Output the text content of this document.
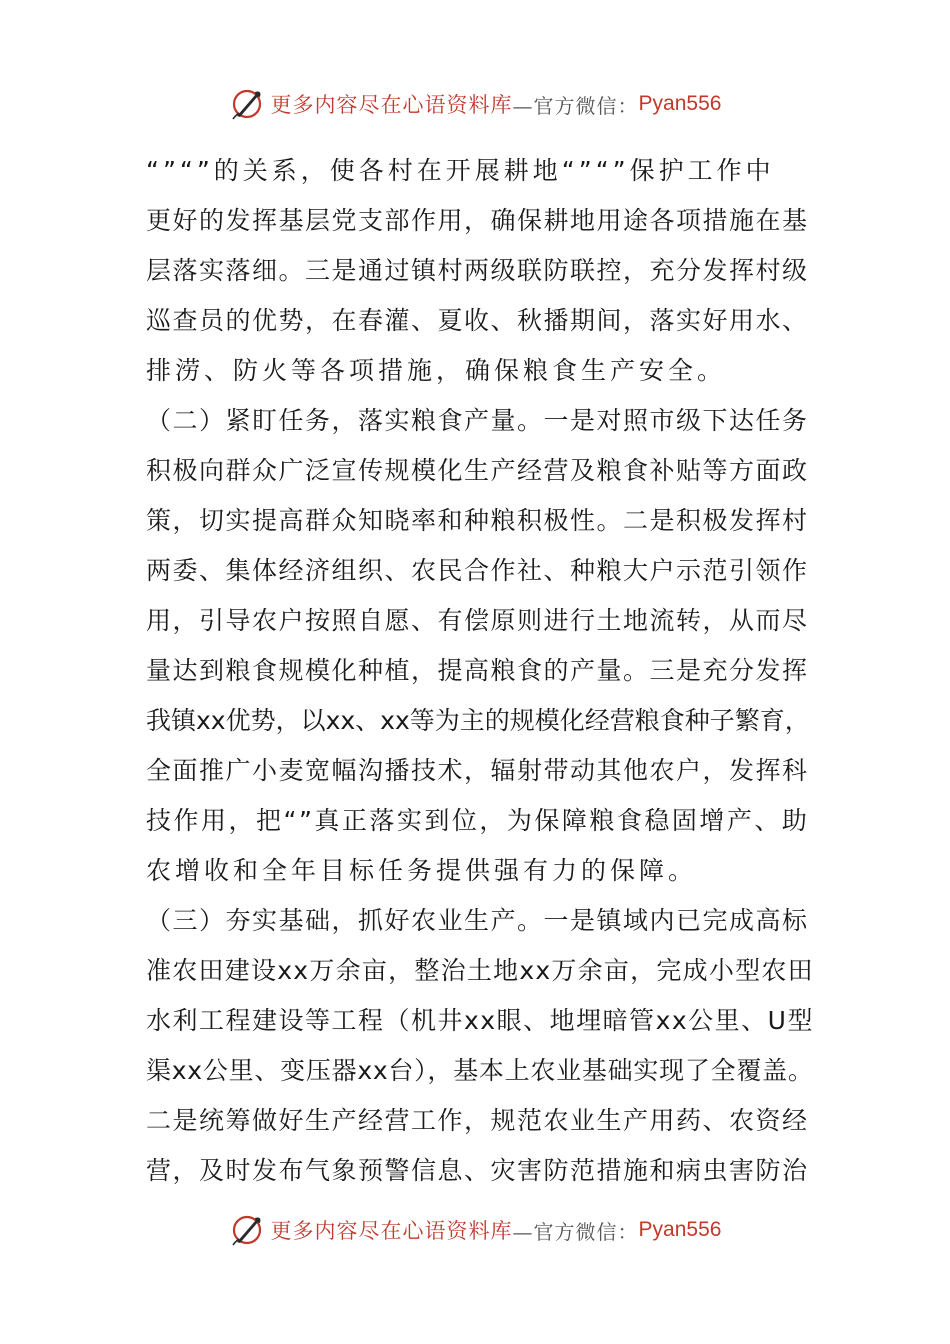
更多内容尽在心语资料库 —官方微信： Pyan556
“”“”的关系，使各村在开展耕地“”“”保护工作中
更好的发挥基层党支部作用，确保耕地用途各项措施在基
层落实落细。三是通过镇村两级联防联控，充分发挥村级
巡查员的优势，在春灌、夏收、秋播期间，落实好用水、
排涝、防火等各项措施，确保粮食生产安全。
（二）紧盯任务，落实粮食产量。一是对照市级下达任务
积极向群众广泛宣传规模化生产经营及粮食补贴等方面政
策，切实提高群众知晓率和种粮积极性。二是积极发挥村
两委、集体经济组织、农民合作社、种粮大户示范引领作
用，引导农户按照自愿、有偿原则进行土地流转，从而尽
量达到粮食规模化种植，提高粮食的产量。三是充分发挥
我镇xx优势，以xx、xx等为主的规模化经营粮食种子繁育，
全面推广小麦宽幅沟播技术，辐射带动其他农户，发挥科
技作用，把“”真正落实到位，为保障粮食稳固增产、助
农增收和全年目标任务提供强有力的保障。
（三）夯实基础，抓好农业生产。一是镇域内已完成高标
准农田建设xx万余亩，整治土地xx万余亩，完成小型农田
水利工程建设等工程（机井xx眼、地埋暗管xx公里、U型
渠xx公里、变压器xx台），基本上农业基础实现了全覆盖。
二是统筹做好生产经营工作，规范农业生产用药、农资经
营，及时发布气象预警信息、灾害防范措施和病虫害防治
更多内容尽在心语资料库 —官方微信： Pyan556
